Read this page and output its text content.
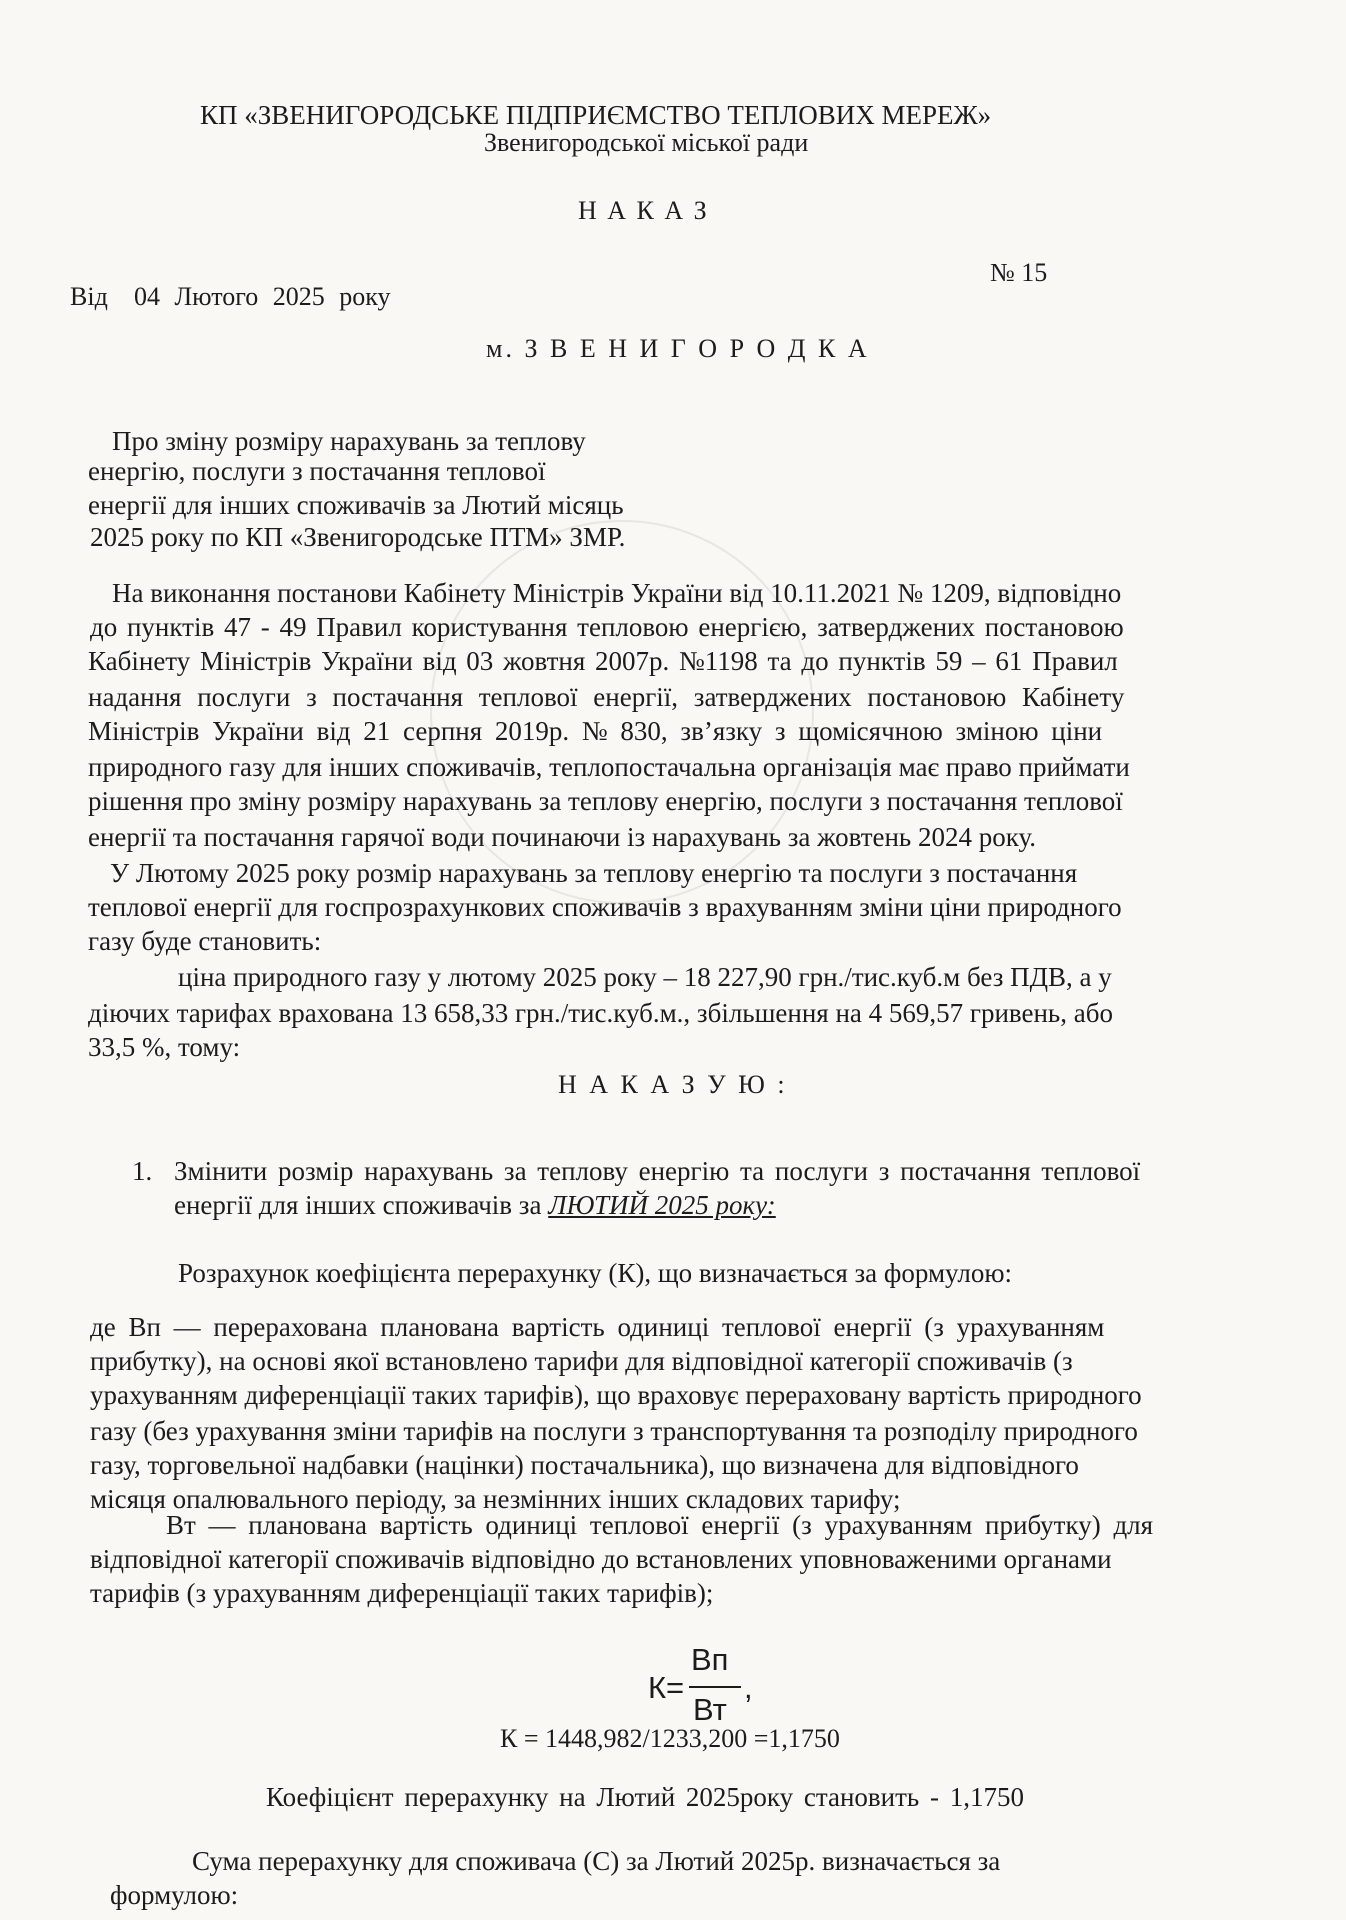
КП «ЗВЕНИГОРОДСЬКЕ ПІДПРИЄМСТВО ТЕПЛОВИХ МЕРЕЖ»
Звенигородської міської ради
Н А К А З
Від 04 Лютого 2025 року
№ 15
м. З В Е Н И Г О Р О Д К А
Про зміну розміру нарахувань за теплову
енергію, послуги з постачання теплової
енергії для інших споживачів за Лютий місяць
2025 року по КП «Звенигородське ПТМ» ЗМР.
На виконання постанови Кабінету Міністрів України від 10.11.2021 № 1209, відповідно
до пунктів 47 - 49 Правил користування тепловою енергією, затверджених постановою
Кабінету Міністрів України від 03 жовтня 2007р. №1198 та до пунктів 59 – 61 Правил
надання послуги з постачання теплової енергії, затверджених постановою Кабінету
Міністрів України від 21 серпня 2019р. № 830, зв’язку з щомісячною зміною ціни
природного газу для інших споживачів, теплопостачальна організація має право приймати
рішення про зміну розміру нарахувань за теплову енергію, послуги з постачання теплової
енергії та постачання гарячої води починаючи із нарахувань за жовтень 2024 року.
У Лютому 2025 року розмір нарахувань за теплову енергію та послуги з постачання
теплової енергії для госпрозрахункових споживачів з врахуванням зміни ціни природного
газу буде становить:
ціна природного газу у лютому 2025 року – 18 227,90 грн./тис.куб.м без ПДВ, а у
діючих тарифах врахована 13 658,33 грн./тис.куб.м., збільшення на 4 569,57 гривень, або
33,5 %, тому:
Н А К А З У Ю :
1. Змінити розмір нарахувань за теплову енергію та послуги з постачання теплової
енергії для інших споживачів за ЛЮТИЙ 2025 року:
Розрахунок коефіцієнта перерахунку (К), що визначається за формулою:
де Вп — перерахована планована вартість одиниці теплової енергії (з урахуванням
прибутку), на основі якої встановлено тарифи для відповідної категорії споживачів (з
урахуванням диференціації таких тарифів), що враховує перераховану вартість природного
газу (без урахування зміни тарифів на послуги з транспортування та розподілу природного
газу, торговельної надбавки (націнки) постачальника), що визначена для відповідного
місяця опалювального періоду, за незмінних інших складових тарифу;
Вт — планована вартість одиниці теплової енергії (з урахуванням прибутку) для
відповідної категорії споживачів відповідно до встановлених уповноваженими органами
тарифів (з урахуванням диференціації таких тарифів);
К=
Вп
Вт
,
К = 1448,982/1233,200 =1,1750
Коефіцієнт перерахунку на Лютий 2025року становить - 1,1750
Сума перерахунку для споживача (С) за Лютий 2025р. визначається за
формулою:
